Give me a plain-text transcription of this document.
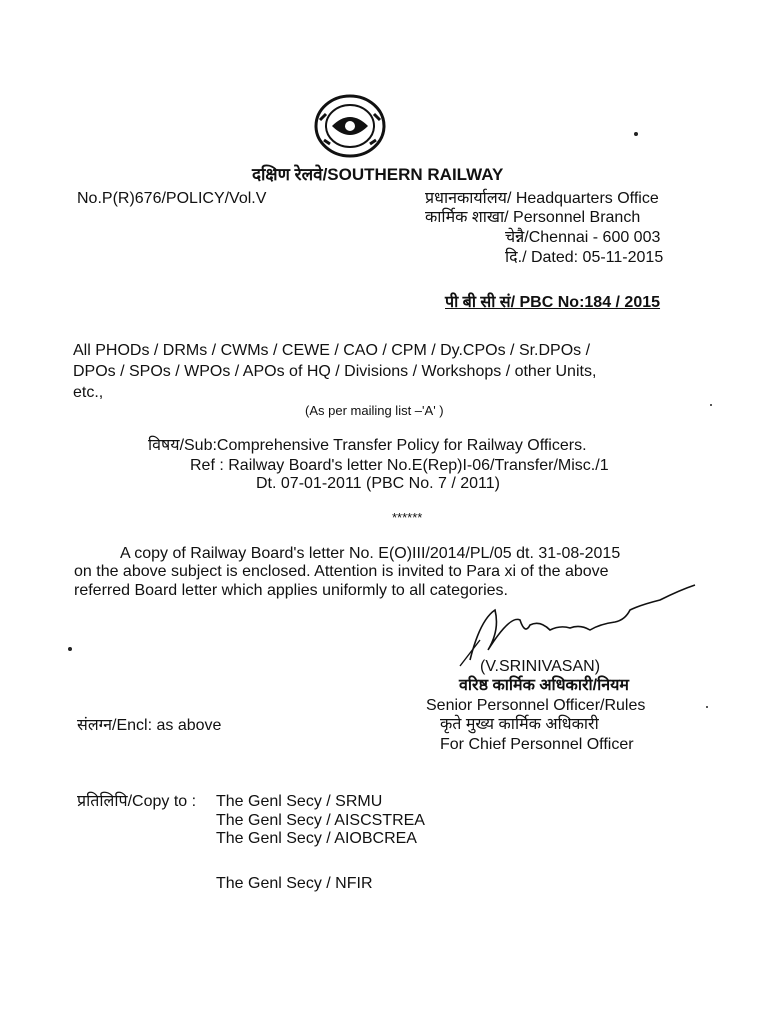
दक्षिण रेलवे/SOUTHERN RAILWAY
No.P(R)676/POLICY/Vol.V	प्रधानकार्यालय/ Headquarters Office
कार्मिक शाखा/ Personnel Branch
चेन्नै/Chennai - 600 003
दि./ Dated: 05-11-2015
पी बी सी सं/ PBC No:184 / 2015
All PHODs / DRMs / CWMs / CEWE / CAO / CPM / Dy.CPOs / Sr.DPOs /
DPOs / SPOs / WPOs / APOs of HQ / Divisions / Workshops / other Units,
etc.,
(As per mailing list –'A' )
विषय/Sub:Comprehensive Transfer Policy for Railway Officers.
Ref : Railway Board's letter No.E(Rep)I-06/Transfer/Misc./1
Dt. 07-01-2011 (PBC No. 7 / 2011)
******
A copy of Railway Board's letter No. E(O)III/2014/PL/05 dt. 31-08-2015
on the above subject is enclosed. Attention is invited to Para xi of the above
referred Board letter which applies uniformly to all categories.
(V.SRINIVASAN)
वरिष्ठ कार्मिक अधिकारी/नियम
Senior Personnel Officer/Rules
संलग्न/Encl: as above	कृते मुख्य कार्मिक अधिकारी
For Chief Personnel Officer
प्रतिलिपि/Copy to : The Genl Secy / SRMU
The Genl Secy / AISCSTREA
The Genl Secy / AIOBCREA
The Genl Secy / NFIR
